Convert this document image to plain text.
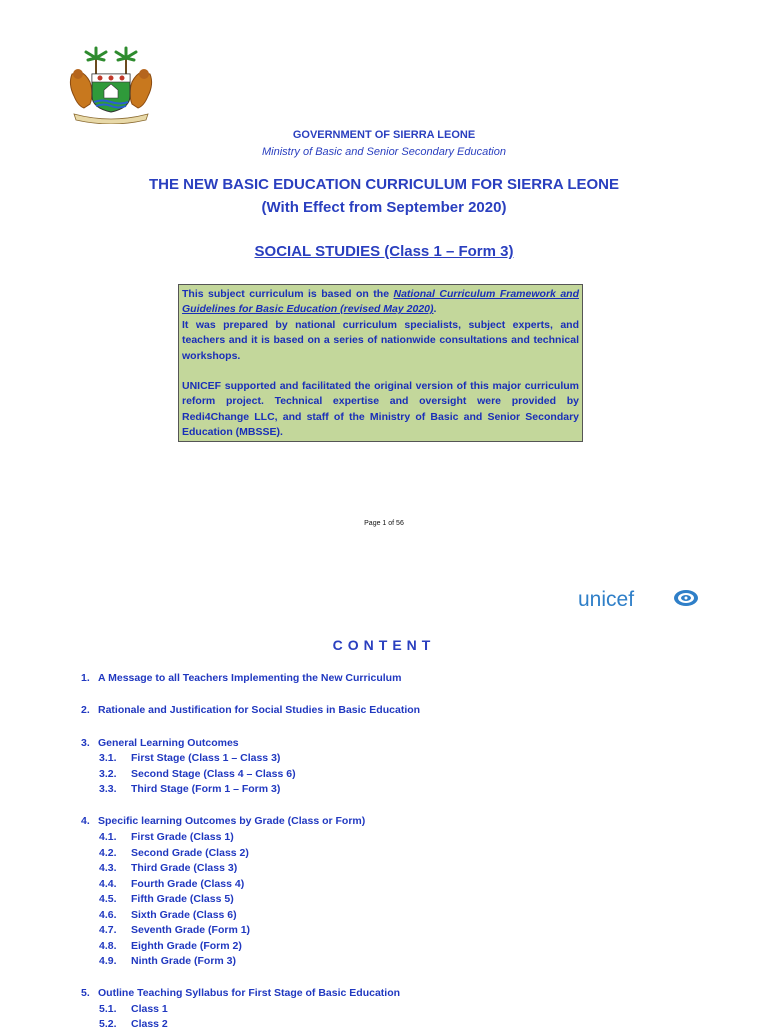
GOVERNMENT OF SIERRA LEONE
Ministry of Basic and Senior Secondary Education
THE NEW BASIC EDUCATION CURRICULUM FOR SIERRA LEONE
(With Effect from September 2020)
SOCIAL STUDIES (Class 1 – Form 3)

This subject curriculum is based on the National Curriculum Framework and Guidelines for Basic Education (revised May 2020).

It was prepared by national curriculum specialists, subject experts, and teachers and it is based on a series of nationwide consultations and technical workshops.

UNICEF supported and facilitated the original version of this major curriculum reform project. Technical expertise and oversight were provided by Redi4Change LLC, and staff of the Ministry of Basic and Senior Secondary Education (MBSSE).

Page 1 of 56
unicef
CONTENT
1. A Message to all Teachers Implementing the New Curriculum
2. Rationale and Justification for Social Studies in Basic Education
3. General Learning Outcomes
3.1. First Stage (Class 1 – Class 3)
3.2. Second Stage (Class 4 – Class 6)
3.3. Third Stage (Form 1 – Form 3)
4. Specific learning Outcomes by Grade (Class or Form)
4.1. First Grade (Class 1)
4.2. Second Grade (Class 2)
4.3. Third Grade (Class 3)
4.4. Fourth Grade (Class 4)
4.5. Fifth Grade (Class 5)
4.6. Sixth Grade (Class 6)
4.7. Seventh Grade (Form 1)
4.8. Eighth Grade (Form 2)
4.9. Ninth Grade (Form 3)
5. Outline Teaching Syllabus for First Stage of Basic Education
5.1. Class 1
5.2. Class 2
